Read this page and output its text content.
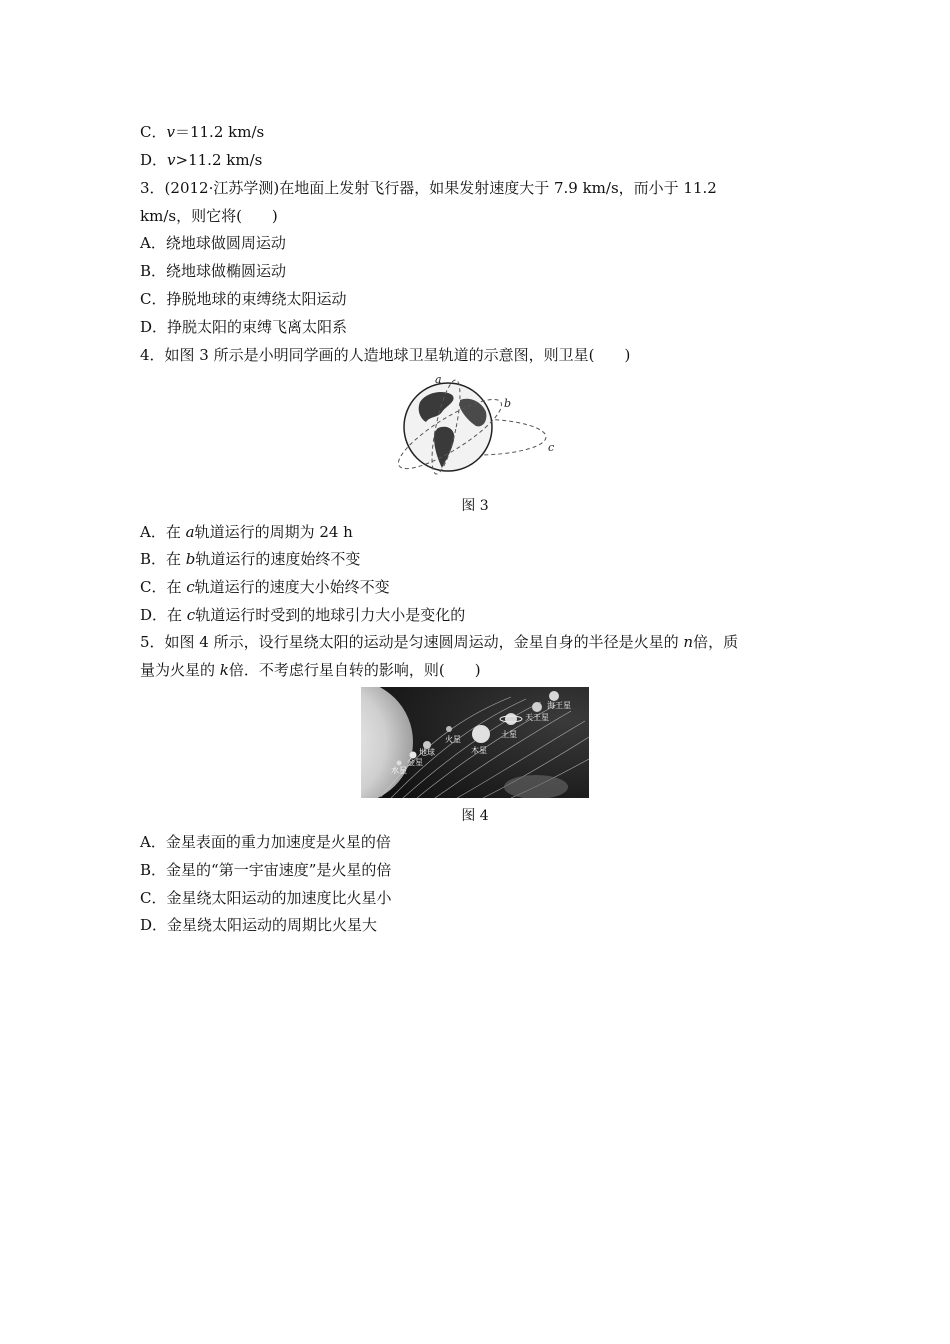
C．v＝11.2 km/s
D．v>11.2 km/s
3．(2012·江苏学测)在地面上发射飞行器，如果发射速度大于 7.9 km/s，而小于 11.2
km/s，则它将(　　)
A．绕地球做圆周运动
B．绕地球做椭圆运动
C．挣脱地球的束缚绕太阳运动
D．挣脱太阳的束缚飞离太阳系
4．如图 3 所示是小明同学画的人造地球卫星轨道的示意图，则卫星(　　)
a
b
c
图 3
A．在 a轨道运行的周期为 24 h
B．在 b轨道运行的速度始终不变
C．在 c轨道运行的速度大小始终不变
D．在 c轨道运行时受到的地球引力大小是变化的
5．如图 4 所示，设行星绕太阳的运动是匀速圆周运动，金星自身的半径是火星的 n倍，质
量为火星的 k倍．不考虑行星自转的影响，则(　　)
水星
金星
地球
火星
木星
土星
天王星
海王星
图 4
A．金星表面的重力加速度是火星的倍
B．金星的“第一宇宙速度”是火星的倍
C．金星绕太阳运动的加速度比火星小
D．金星绕太阳运动的周期比火星大
